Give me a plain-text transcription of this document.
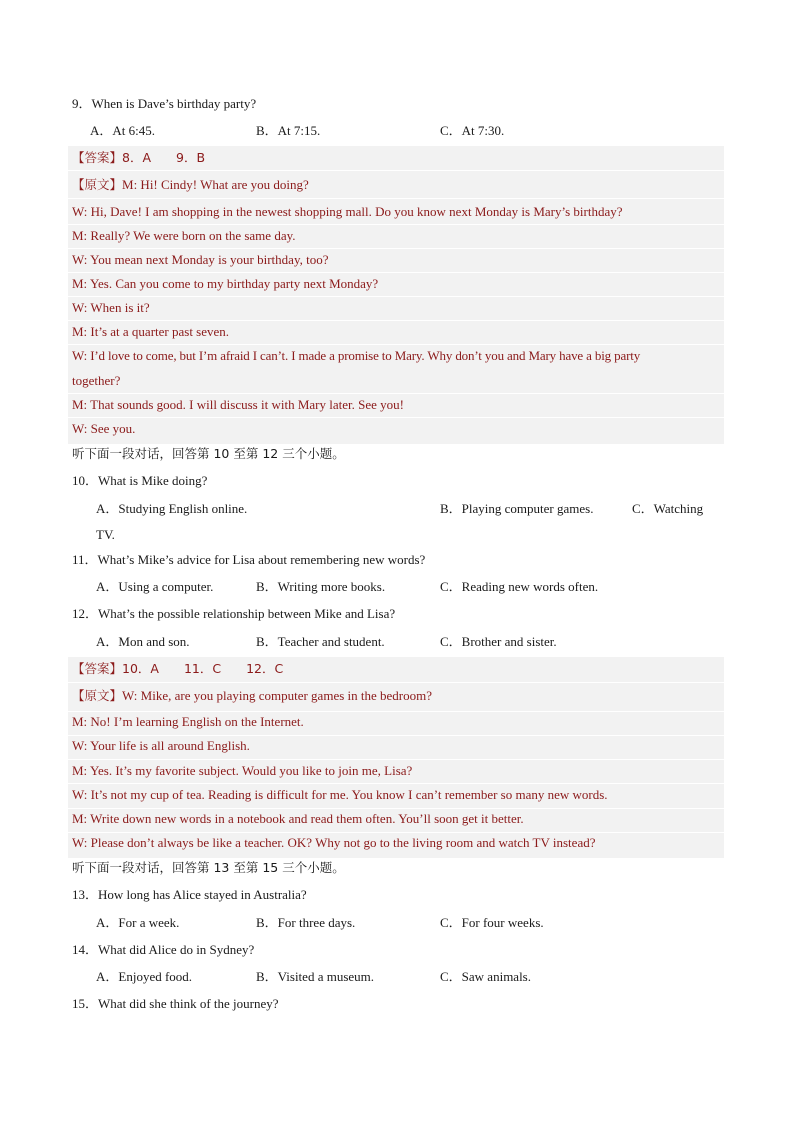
9．When is Dave’s birthday party?
A．At 6:45.	B．At 7:15.	C．At 7:30.
【答案】8．A　　9．B
【原文】M: Hi! Cindy! What are you doing?
W: Hi, Dave! I am shopping in the newest shopping mall. Do you know next Monday is Mary’s birthday?
M: Really? We were born on the same day.
W: You mean next Monday is your birthday, too?
M: Yes. Can you come to my birthday party next Monday?
W: When is it?
M: It’s at a quarter past seven.
W: I’d love to come, but I’m afraid I can’t. I made a promise to Mary. Why don’t you and Mary have a big party
together?
M: That sounds good. I will discuss it with Mary later. See you!
W: See you.
听下面一段对话，回答第 10 至第 12 三个小题。
10．What is Mike doing?
A．Studying English online.	B．Playing computer games.	C．Watching
TV.
11．What’s Mike’s advice for Lisa about remembering new words?
A．Using a computer.	B．Writing more books.	C．Reading new words often.
12．What’s the possible relationship between Mike and Lisa?
A．Mon and son.	B．Teacher and student.	C．Brother and sister.
【答案】10．A　　11．C　　12．C
【原文】W: Mike, are you playing computer games in the bedroom?
M: No! I’m learning English on the Internet.
W: Your life is all around English.
M: Yes. It’s my favorite subject. Would you like to join me, Lisa?
W: It’s not my cup of tea. Reading is difficult for me. You know I can’t remember so many new words.
M: Write down new words in a notebook and read them often. You’ll soon get it better.
W: Please don’t always be like a teacher. OK? Why not go to the living room and watch TV instead?
听下面一段对话，回答第 13 至第 15 三个小题。
13．How long has Alice stayed in Australia?
A．For a week.	B．For three days.	C．For four weeks.
14．What did Alice do in Sydney?
A．Enjoyed food.	B．Visited a museum.	C．Saw animals.
15．What did she think of the journey?
